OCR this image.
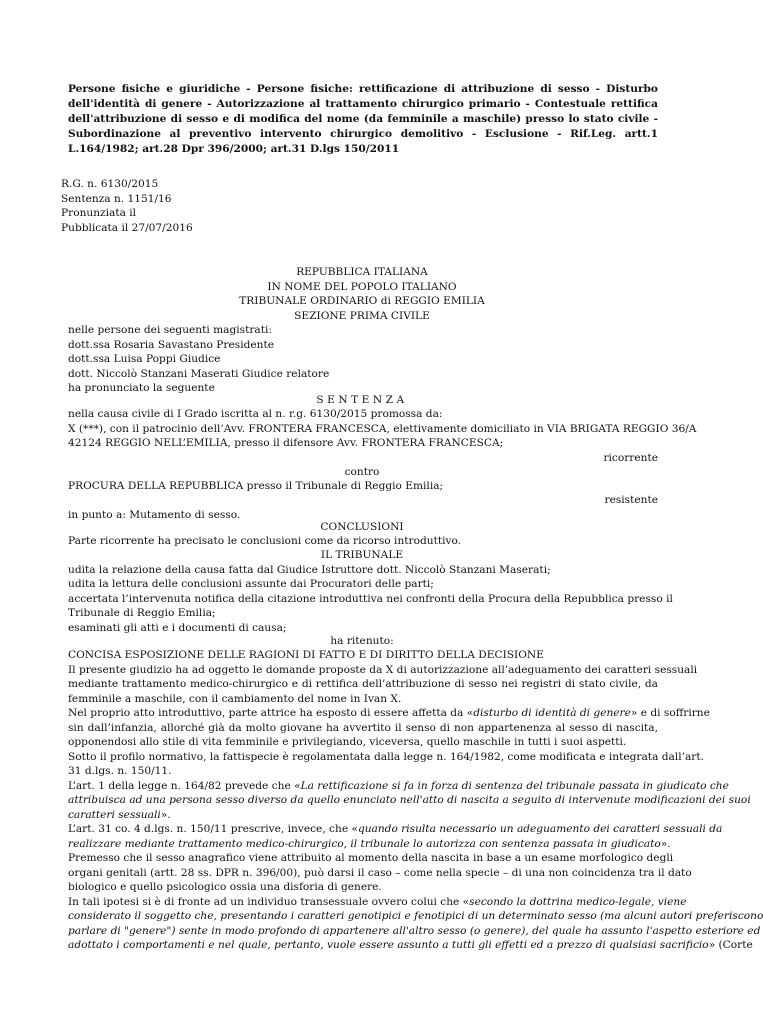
Persone fisiche e giuridiche - Persone fisiche: rettificazione di attribuzione di sesso - Disturbo
dell'identità di genere - Autorizzazione al trattamento chirurgico primario - Contestuale rettifica
dell'attribuzione di sesso e di modifica del nome (da femminile a maschile) presso lo stato civile -
Subordinazione al preventivo intervento chirurgico demolitivo - Esclusione - Rif.Leg. artt.1
L.164/1982; art.28 Dpr 396/2000; art.31 D.lgs 150/2011
R.G. n. 6130/2015
Sentenza n. 1151/16
Pronunziata il
Pubblicata il 27/07/2016
REPUBBLICA ITALIANA
IN NOME DEL POPOLO ITALIANO
TRIBUNALE ORDINARIO di REGGIO EMILIA
SEZIONE PRIMA CIVILE
nelle persone dei seguenti magistrati:
dott.ssa Rosaria Savastano Presidente
dott.ssa Luisa Poppi Giudice
dott. Niccolò Stanzani Maserati Giudice relatore
ha pronunciato la seguente
SENTENZA
nella causa civile di I Grado iscritta al n. r.g. 6130/2015 promossa da:
X (***), con il patrocinio dell’Avv. FRONTERA FRANCESCA, elettivamente domiciliato in VIA BRIGATA REGGIO 36/A
42124 REGGIO NELL’EMILIA, presso il difensore Avv. FRONTERA FRANCESCA;
ricorrente
contro
PROCURA DELLA REPUBBLICA presso il Tribunale di Reggio Emilia;
resistente
in punto a: Mutamento di sesso.
CONCLUSIONI
Parte ricorrente ha precisato le conclusioni come da ricorso introduttivo.
IL TRIBUNALE
udita la relazione della causa fatta dal Giudice Istruttore dott. Niccolò Stanzani Maserati;
udita la lettura delle conclusioni assunte dai Procuratori delle parti;
accertata l’intervenuta notifica della citazione introduttiva nei confronti della Procura della Repubblica presso il
Tribunale di Reggio Emilia;
esaminati gli atti e i documenti di causa;
ha ritenuto:
CONCISA ESPOSIZIONE DELLE RAGIONI DI FATTO E DI DIRITTO DELLA DECISIONE
Il presente giudizio ha ad oggetto le domande proposte da X di autorizzazione all’adeguamento dei caratteri sessuali
mediante trattamento medico-chirurgico e di rettifica dell’attribuzione di sesso nei registri di stato civile, da
femminile a maschile, con il cambiamento del nome in Ivan X.
Nel proprio atto introduttivo, parte attrice ha esposto di essere affetta da «disturbo di identità di genere» e di soffrirne
sin dall’infanzia, allorché già da molto giovane ha avvertito il senso di non appartenenza al sesso di nascita,
opponendosi allo stile di vita femminile e privilegiando, viceversa, quello maschile in tutti i suoi aspetti.
Sotto il profilo normativo, la fattispecie è regolamentata dalla legge n. 164/1982, come modificata e integrata dall’art.
31 d.lgs. n. 150/11.
L’art. 1 della legge n. 164/82 prevede che «La rettificazione si fa in forza di sentenza del tribunale passata in giudicato che
attribuisca ad una persona sesso diverso da quello enunciato nell'atto di nascita a seguito di intervenute modificazioni dei suoi
caratteri sessuali».
L’art. 31 co. 4 d.lgs. n. 150/11 prescrive, invece, che «quando risulta necessario un adeguamento dei caratteri sessuali da
realizzare mediante trattamento medico-chirurgico, il tribunale lo autorizza con sentenza passata in giudicato».
Premesso che il sesso anagrafico viene attribuito al momento della nascita in base a un esame morfologico degli
organi genitali (artt. 28 ss. DPR n. 396/00), può darsi il caso – come nella specie – di una non coincidenza tra il dato
biologico e quello psicologico ossia una disforia di genere.
In tali ipotesi si è di fronte ad un individuo transessuale ovvero colui che «secondo la dottrina medico-legale, viene
considerato il soggetto che, presentando i caratteri genotipici e fenotipici di un determinato sesso (ma alcuni autori preferiscono
parlare di "genere") sente in modo profondo di appartenere all'altro sesso (o genere), del quale ha assunto l'aspetto esteriore ed
adottato i comportamenti e nel quale, pertanto, vuole essere assunto a tutti gli effetti ed a prezzo di qualsiasi sacrificio» (Corte
